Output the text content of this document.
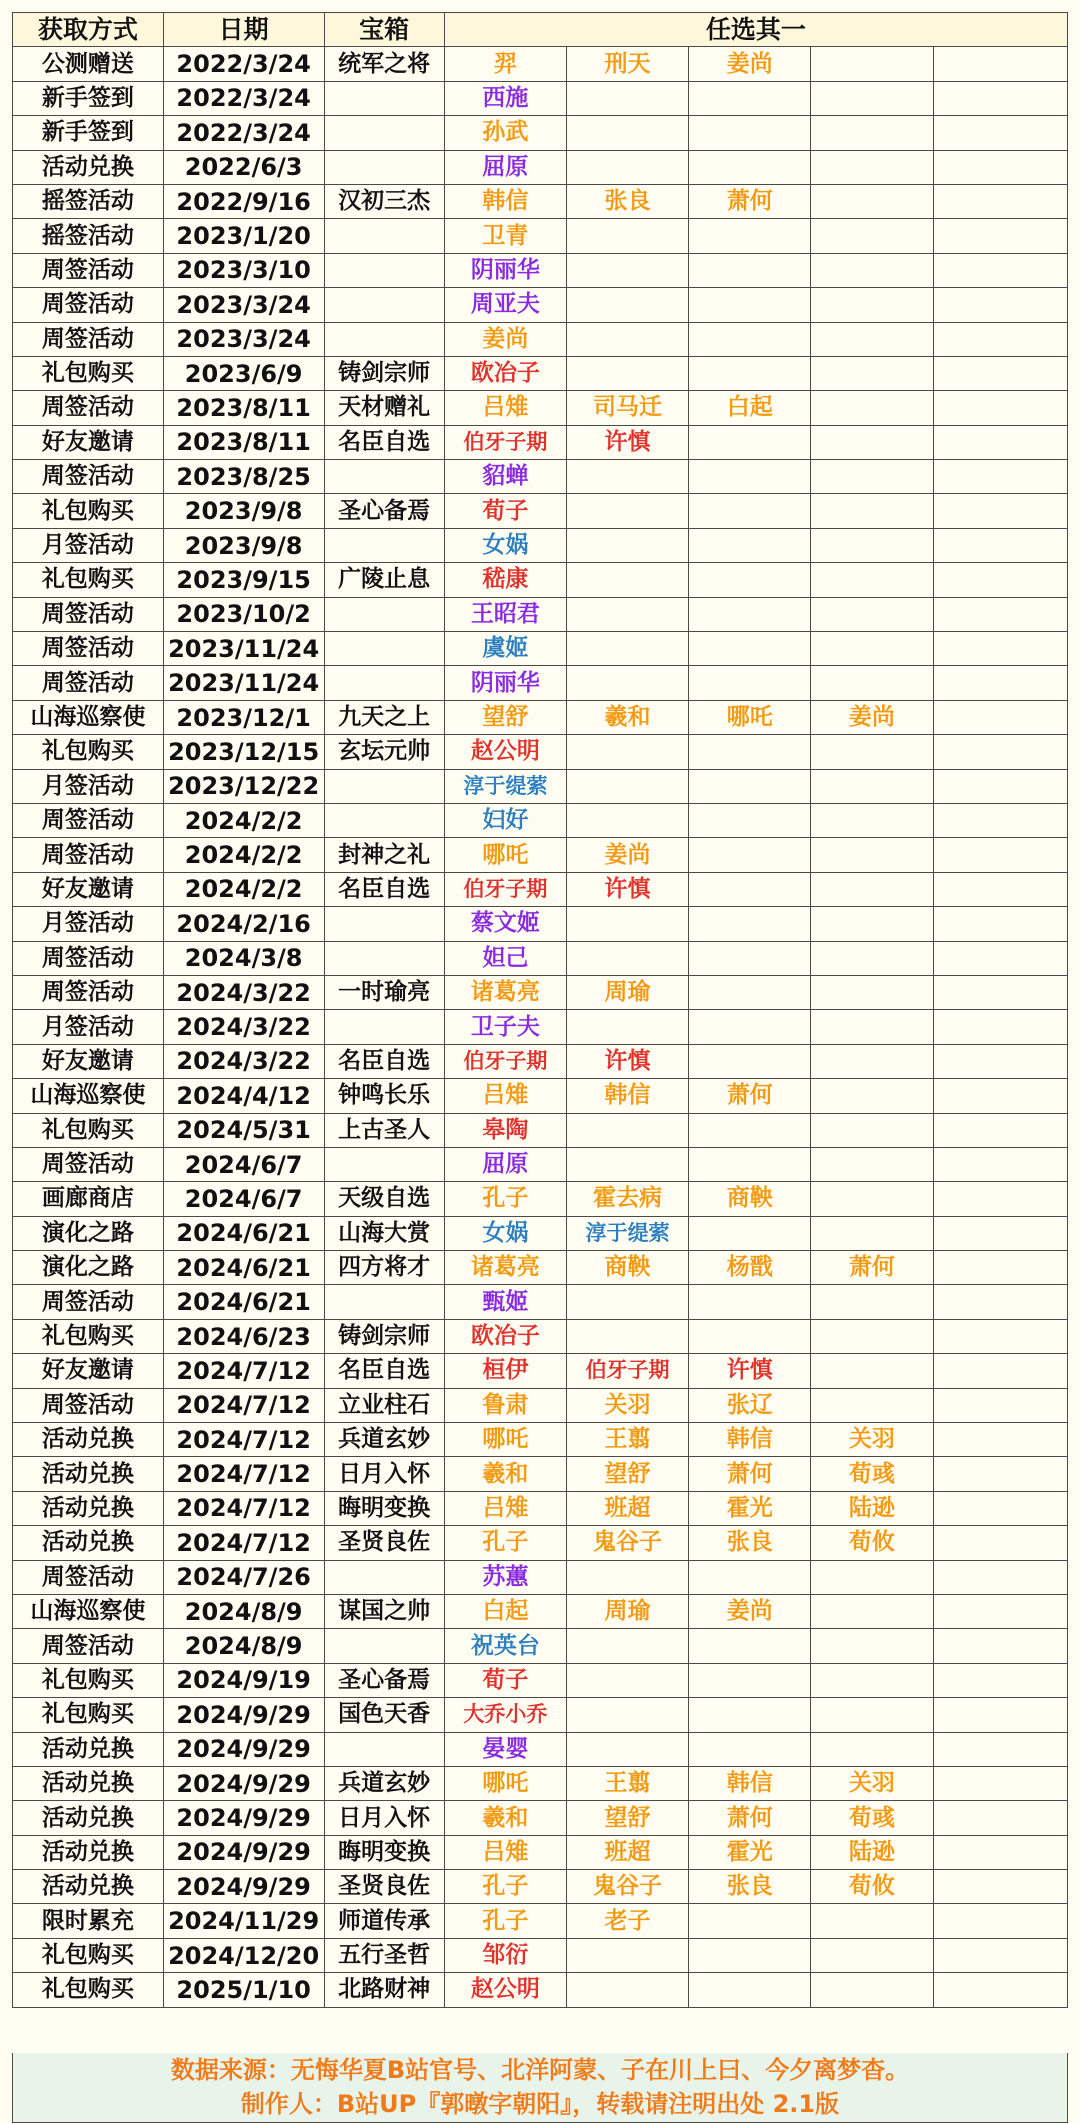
获取方式	日期	宝箱	任选其一				
公测赠送	2022/3/24	统军之将	羿	刑天	姜尚		
新手签到	2022/3/24		西施				
新手签到	2022/3/24		孙武				
活动兑换	2022/6/3		屈原				
摇签活动	2022/9/16	汉初三杰	韩信	张良	萧何		
摇签活动	2023/1/20		卫青				
周签活动	2023/3/10		阴丽华				
周签活动	2023/3/24		周亚夫				
周签活动	2023/3/24		姜尚				
礼包购买	2023/6/9	铸剑宗师	欧冶子				
周签活动	2023/8/11	天材赠礼	吕雉	司马迁	白起		
好友邀请	2023/8/11	名臣自选	伯牙子期	许慎			
周签活动	2023/8/25		貂蝉				
礼包购买	2023/9/8	圣心备焉	荀子				
月签活动	2023/9/8		女娲				
礼包购买	2023/9/15	广陵止息	嵇康				
周签活动	2023/10/2		王昭君				
周签活动	2023/11/24		虞姬				
周签活动	2023/11/24		阴丽华				
山海巡察使	2023/12/1	九天之上	望舒	羲和	哪吒	姜尚	
礼包购买	2023/12/15	玄坛元帅	赵公明				
月签活动	2023/12/22		淳于缇萦				
周签活动	2024/2/2		妇好				
周签活动	2024/2/2	封神之礼	哪吒	姜尚			
好友邀请	2024/2/2	名臣自选	伯牙子期	许慎			
月签活动	2024/2/16		蔡文姬				
周签活动	2024/3/8		妲己				
周签活动	2024/3/22	一时瑜亮	诸葛亮	周瑜			
月签活动	2024/3/22		卫子夫				
好友邀请	2024/3/22	名臣自选	伯牙子期	许慎			
山海巡察使	2024/4/12	钟鸣长乐	吕雉	韩信	萧何		
礼包购买	2024/5/31	上古圣人	皋陶				
周签活动	2024/6/7		屈原				
画廊商店	2024/6/7	天级自选	孔子	霍去病	商鞅		
演化之路	2024/6/21	山海大赏	女娲	淳于缇萦			
演化之路	2024/6/21	四方将才	诸葛亮	商鞅	杨戬	萧何	
周签活动	2024/6/21		甄姬				
礼包购买	2024/6/23	铸剑宗师	欧冶子				
好友邀请	2024/7/12	名臣自选	桓伊	伯牙子期	许慎		
周签活动	2024/7/12	立业柱石	鲁肃	关羽	张辽		
活动兑换	2024/7/12	兵道玄妙	哪吒	王翦	韩信	关羽	
活动兑换	2024/7/12	日月入怀	羲和	望舒	萧何	荀彧	
活动兑换	2024/7/12	晦明变换	吕雉	班超	霍光	陆逊	
活动兑换	2024/7/12	圣贤良佐	孔子	鬼谷子	张良	荀攸	
周签活动	2024/7/26		苏蕙				
山海巡察使	2024/8/9	谋国之帅	白起	周瑜	姜尚		
周签活动	2024/8/9		祝英台				
礼包购买	2024/9/19	圣心备焉	荀子				
礼包购买	2024/9/29	国色天香	大乔小乔				
活动兑换	2024/9/29		晏婴				
活动兑换	2024/9/29	兵道玄妙	哪吒	王翦	韩信	关羽	
活动兑换	2024/9/29	日月入怀	羲和	望舒	萧何	荀彧	
活动兑换	2024/9/29	晦明变换	吕雉	班超	霍光	陆逊	
活动兑换	2024/9/29	圣贤良佐	孔子	鬼谷子	张良	荀攸	
限时累充	2024/11/29	师道传承	孔子	老子			
礼包购买	2024/12/20	五行圣哲	邹衍				
礼包购买	2025/1/10	北路财神	赵公明				
数据来源：无悔华夏B站官号、北洋阿蒙、子在川上曰、今夕离梦杳。
制作人：B站UP『郭暾字朝阳』，转载请注明出处 2.1版
